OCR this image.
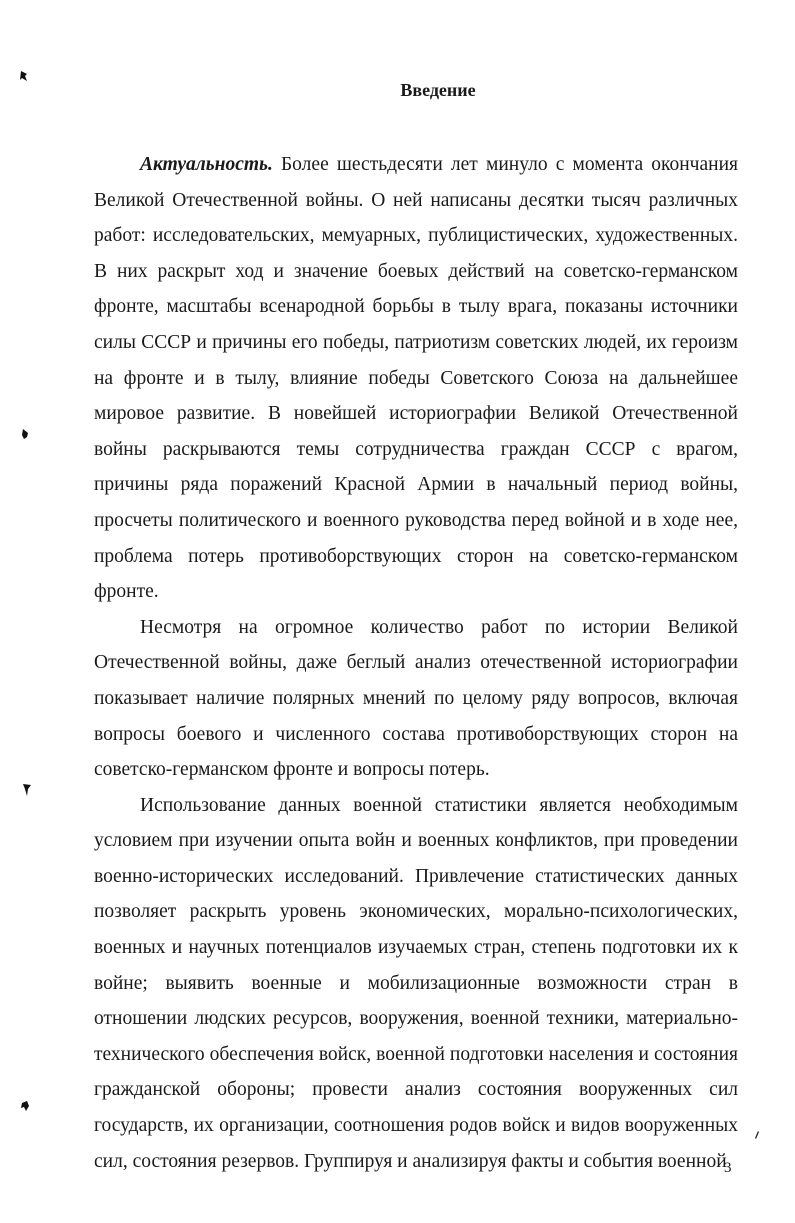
Введение

Актуальность. Более шестьдесяти лет минуло с момента окончания Великой Отечественной войны. О ней написаны десятки тысяч различных работ: исследовательских, мемуарных, публицистических, художественных. В них раскрыт ход и значение боевых действий на советско-германском фронте, масштабы всенародной борьбы в тылу врага, показаны источники силы СССР и причины его победы, патриотизм советских людей, их героизм на фронте и в тылу, влияние победы Советского Союза на дальнейшее мировое развитие. В новейшей историографии Великой Отечественной войны раскрываются темы сотрудничества граждан СССР с врагом, причины ряда поражений Красной Армии в начальный период войны, просчеты политического и военного руководства перед войной и в ходе нее, проблема потерь противоборствующих сторон на советско-германском фронте.

Несмотря на огромное количество работ по истории Великой Отечественной войны, даже беглый анализ отечественной историографии показывает наличие полярных мнений по целому ряду вопросов, включая вопросы боевого и численного состава противоборствующих сторон на советско-германском фронте и вопросы потерь.

Использование данных военной статистики является необходимым условием при изучении опыта войн и военных конфликтов, при проведении военно-исторических исследований. Привлечение статистических данных позволяет раскрыть уровень экономических, морально-психологических, военных и научных потенциалов изучаемых стран, степень подготовки их к войне; выявить военные и мобилизационные возможности стран в отношении людских ресурсов, вооружения, военной техники, материально-технического обеспечения войск, военной подготовки населения и состояния гражданской обороны; провести анализ состояния вооруженных сил государств, их организации, соотношения родов войск и видов вооруженных сил, состояния резервов. Группируя и анализируя факты и события военной

3
